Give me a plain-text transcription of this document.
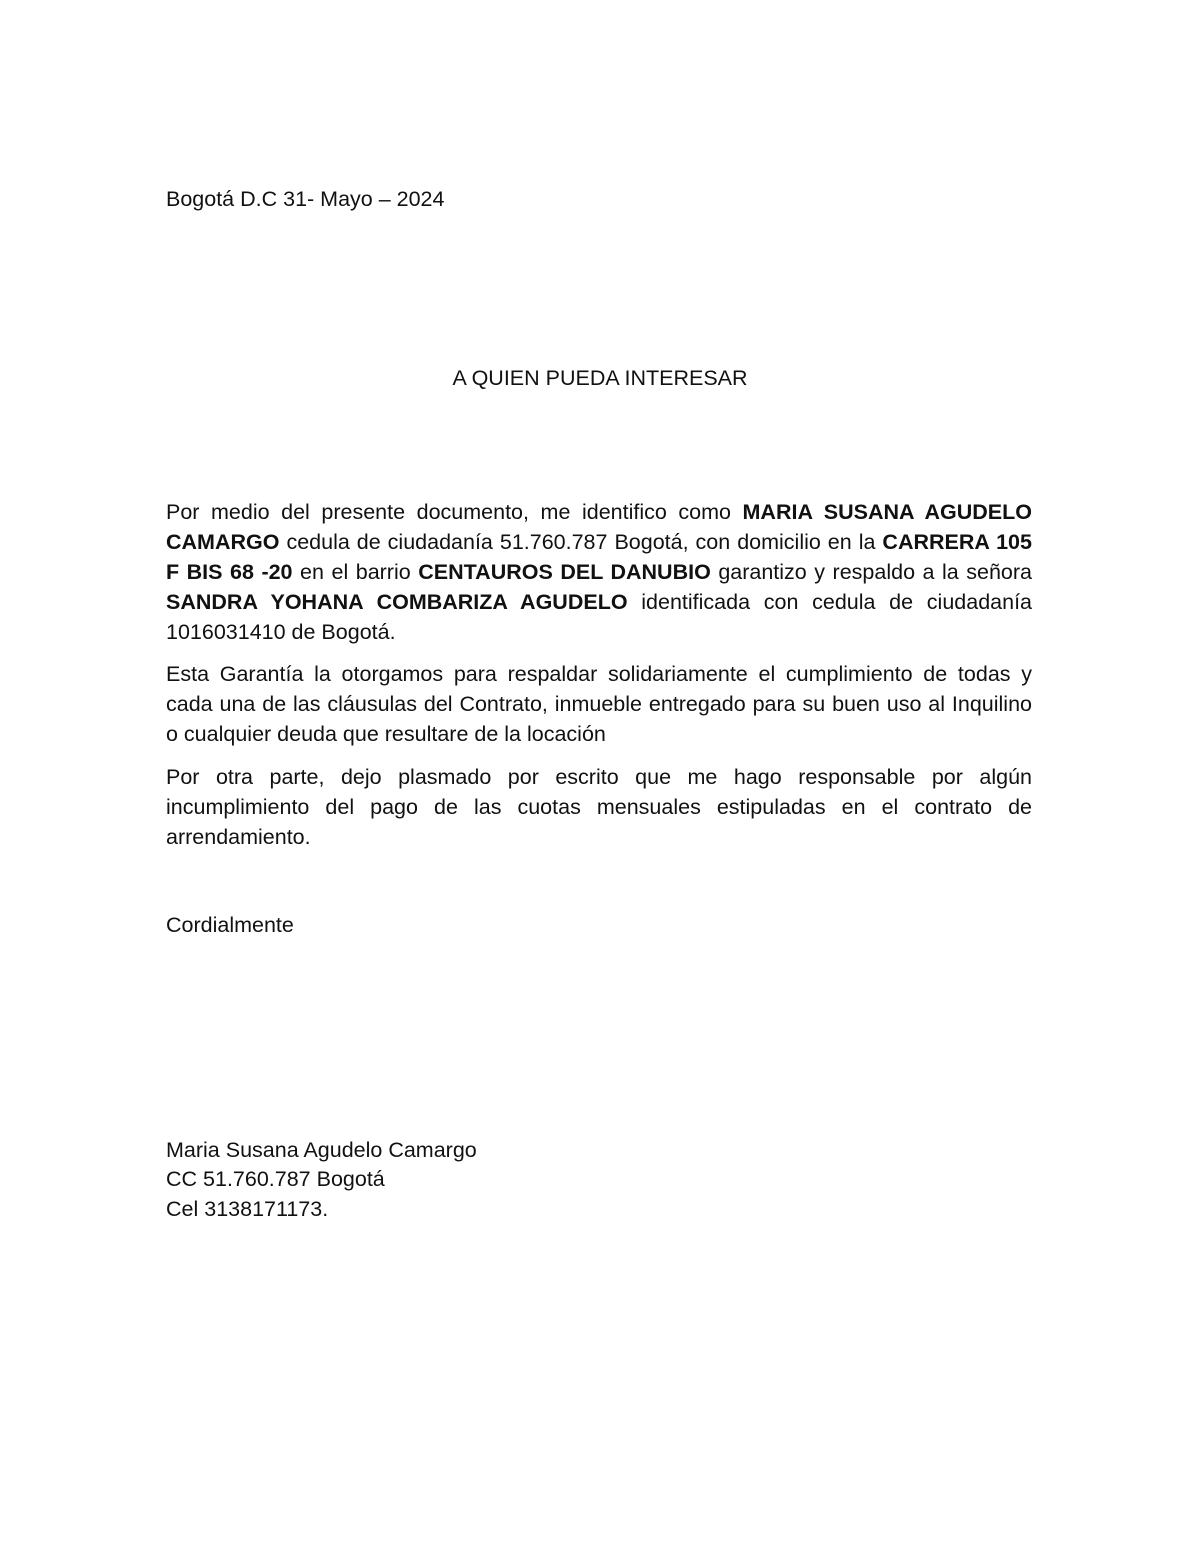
Bogotá D.C 31- Mayo – 2024
A QUIEN PUEDA INTERESAR
Por medio del presente documento, me identifico como MARIA SUSANA AGUDELO CAMARGO cedula de ciudadanía 51.760.787 Bogotá, con domicilio en la CARRERA 105 F BIS 68 -20 en el barrio CENTAUROS DEL DANUBIO garantizo y respaldo a la señora SANDRA YOHANA COMBARIZA AGUDELO identificada con cedula de ciudadanía 1016031410 de Bogotá.
Esta Garantía la otorgamos para respaldar solidariamente el cumplimiento de todas y cada una de las cláusulas del Contrato, inmueble entregado para su buen uso al Inquilino o cualquier deuda que resultare de la locación
Por otra parte, dejo plasmado por escrito que me hago responsable por algún incumplimiento del pago de las cuotas mensuales estipuladas en el contrato de arrendamiento.
Cordialmente
Maria Susana Agudelo Camargo
CC 51.760.787 Bogotá
Cel 3138171173.
